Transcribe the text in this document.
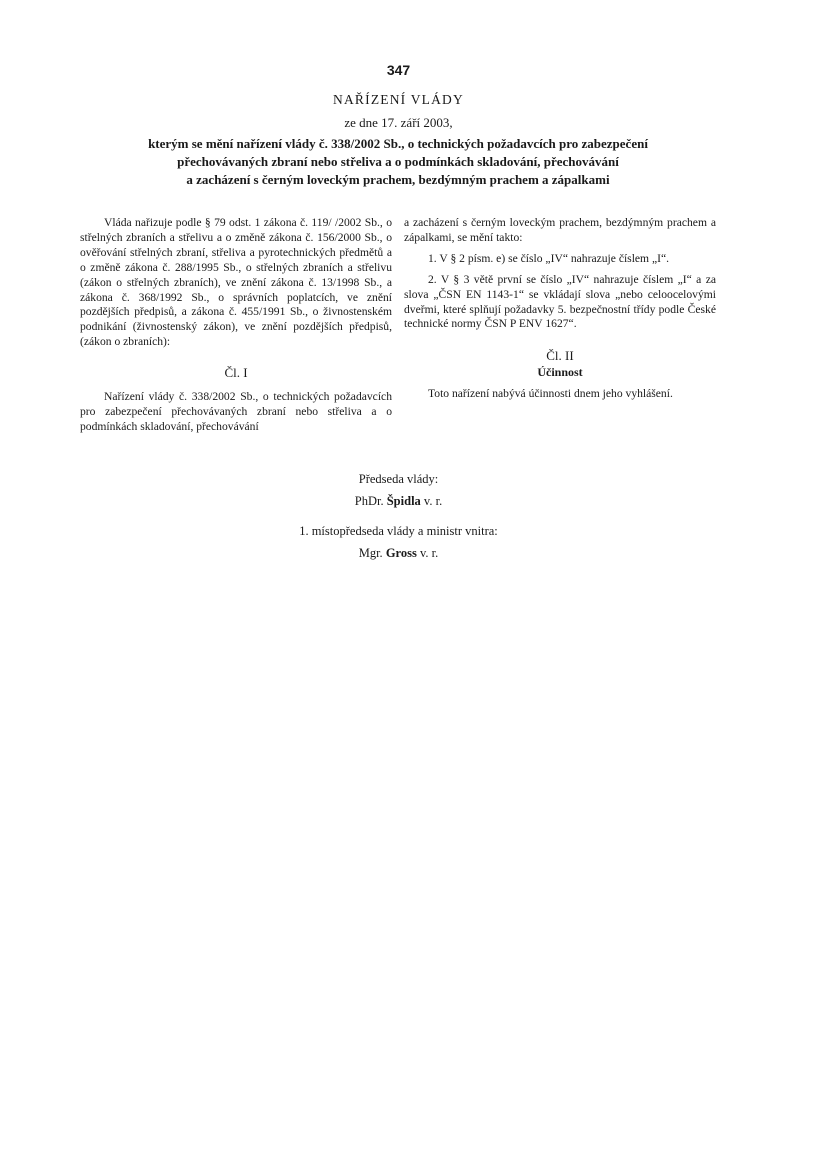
347
NAŘÍZENÍ VLÁDY
ze dne 17. září 2003,
kterým se mění nařízení vlády č. 338/2002 Sb., o technických požadavcích pro zabezpečení
přechovávaných zbraní nebo střeliva a o podmínkách skladování, přechovávání
a zacházení s černým loveckým prachem, bezdýmným prachem a zápalkami

Vláda nařizuje podle § 79 odst. 1 zákona č. 119/ /2002 Sb., o střelných zbraních a střelivu a o změně zákona č. 156/2000 Sb., o ověřování střelných zbraní, střeliva a pyrotechnických předmětů a o změně zákona č. 288/1995 Sb., o střelných zbraních a střelivu (zákon o střelných zbraních), ve znění zákona č. 13/1998 Sb., a zákona č. 368/1992 Sb., o správních poplatcích, ve znění pozdějších předpisů, a zákona č. 455/1991 Sb., o živnostenském podnikání (živnostenský zákon), ve znění pozdějších předpisů, (zákon o zbraních):

Čl. I

Nařízení vlády č. 338/2002 Sb., o technických požadavcích pro zabezpečení přechovávaných zbraní nebo střeliva a o podmínkách skladování, přechovávání

a zacházení s černým loveckým prachem, bezdýmným prachem a zápalkami, se mění takto:

1. V § 2 písm. e) se číslo „IV“ nahrazuje číslem „I“.

2. V § 3 větě první se číslo „IV“ nahrazuje číslem „I“ a za slova „ČSN EN 1143-1“ se vkládají slova „nebo celoocelovými dveřmi, které splňují požadavky 5. bezpečnostní třídy podle České technické normy ČSN P ENV 1627“.

Čl. II
Účinnost

Toto nařízení nabývá účinnosti dnem jeho vyhlášení.

Předseda vlády:
PhDr. Špidla v. r.
1. místopředseda vlády a ministr vnitra:
Mgr. Gross v. r.
